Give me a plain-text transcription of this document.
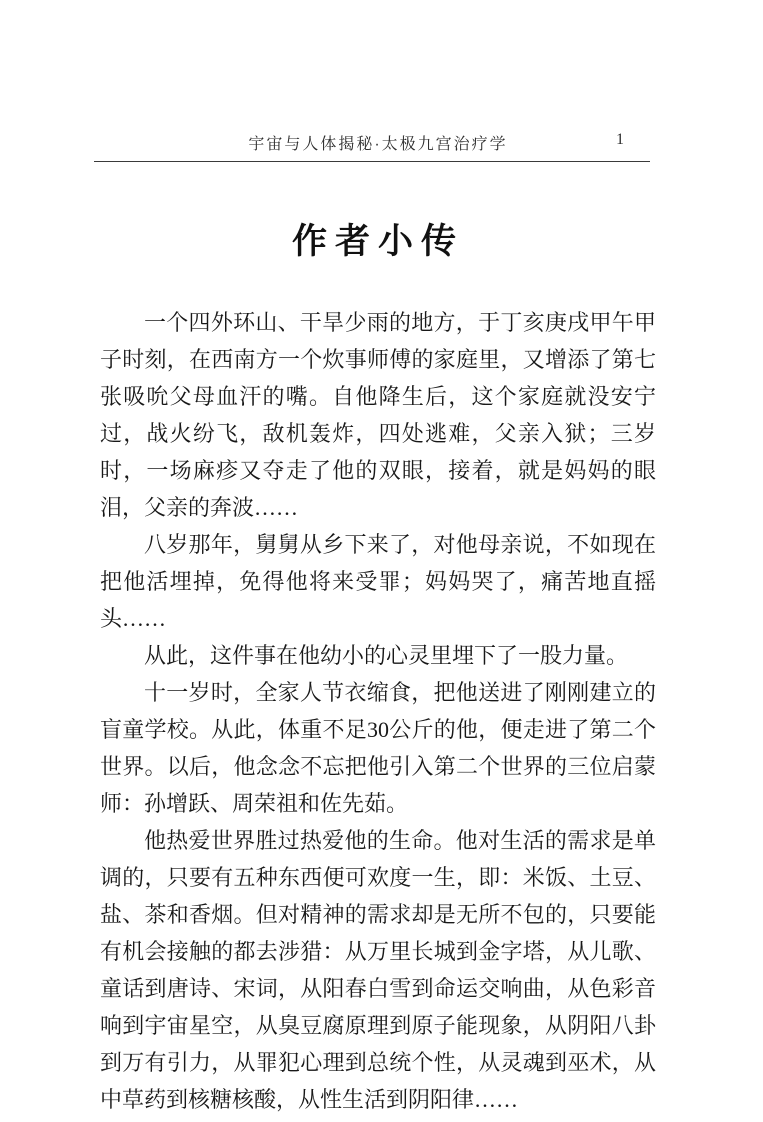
宇宙与人体揭秘·太极九宫治疗学	1
作者小传

一个四外环山、干旱少雨的地方，于丁亥庚戌甲午甲子时刻，在西南方一个炊事师傅的家庭里，又增添了第七张吸吮父母血汗的嘴。自他降生后，这个家庭就没安宁过，战火纷飞，敌机轰炸，四处逃难，父亲入狱；三岁时，一场麻疹又夺走了他的双眼，接着，就是妈妈的眼泪，父亲的奔波……

八岁那年，舅舅从乡下来了，对他母亲说，不如现在把他活埋掉，免得他将来受罪；妈妈哭了，痛苦地直摇头……

从此，这件事在他幼小的心灵里埋下了一股力量。

十一岁时，全家人节衣缩食，把他送进了刚刚建立的盲童学校。从此，体重不足30公斤的他，便走进了第二个世界。以后，他念念不忘把他引入第二个世界的三位启蒙师：孙增跃、周荣祖和佐先茹。

他热爱世界胜过热爱他的生命。他对生活的需求是单调的，只要有五种东西便可欢度一生，即：米饭、土豆、盐、茶和香烟。但对精神的需求却是无所不包的，只要能有机会接触的都去涉猎：从万里长城到金字塔，从儿歌、童话到唐诗、宋词，从阳春白雪到命运交响曲，从色彩音响到宇宙星空，从臭豆腐原理到原子能现象，从阴阳八卦到万有引力，从罪犯心理到总统个性，从灵魂到巫术，从中草药到核糖核酸，从性生活到阴阳律……
